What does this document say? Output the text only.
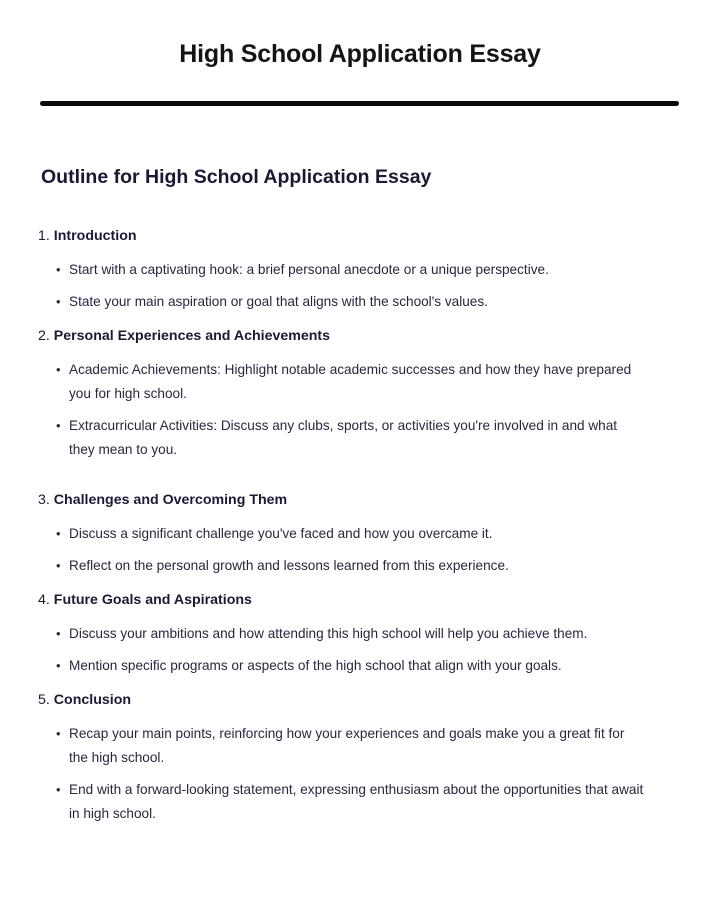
High School Application Essay
Outline for High School Application Essay
1. Introduction
• Start with a captivating hook: a brief personal anecdote or a unique perspective.
• State your main aspiration or goal that aligns with the school's values.
2. Personal Experiences and Achievements
• Academic Achievements: Highlight notable academic successes and how they have prepared you for high school.
• Extracurricular Activities: Discuss any clubs, sports, or activities you're involved in and what they mean to you.
3. Challenges and Overcoming Them
• Discuss a significant challenge you've faced and how you overcame it.
• Reflect on the personal growth and lessons learned from this experience.
4. Future Goals and Aspirations
• Discuss your ambitions and how attending this high school will help you achieve them.
• Mention specific programs or aspects of the high school that align with your goals.
5. Conclusion
• Recap your main points, reinforcing how your experiences and goals make you a great fit for the high school.
• End with a forward-looking statement, expressing enthusiasm about the opportunities that await in high school.
